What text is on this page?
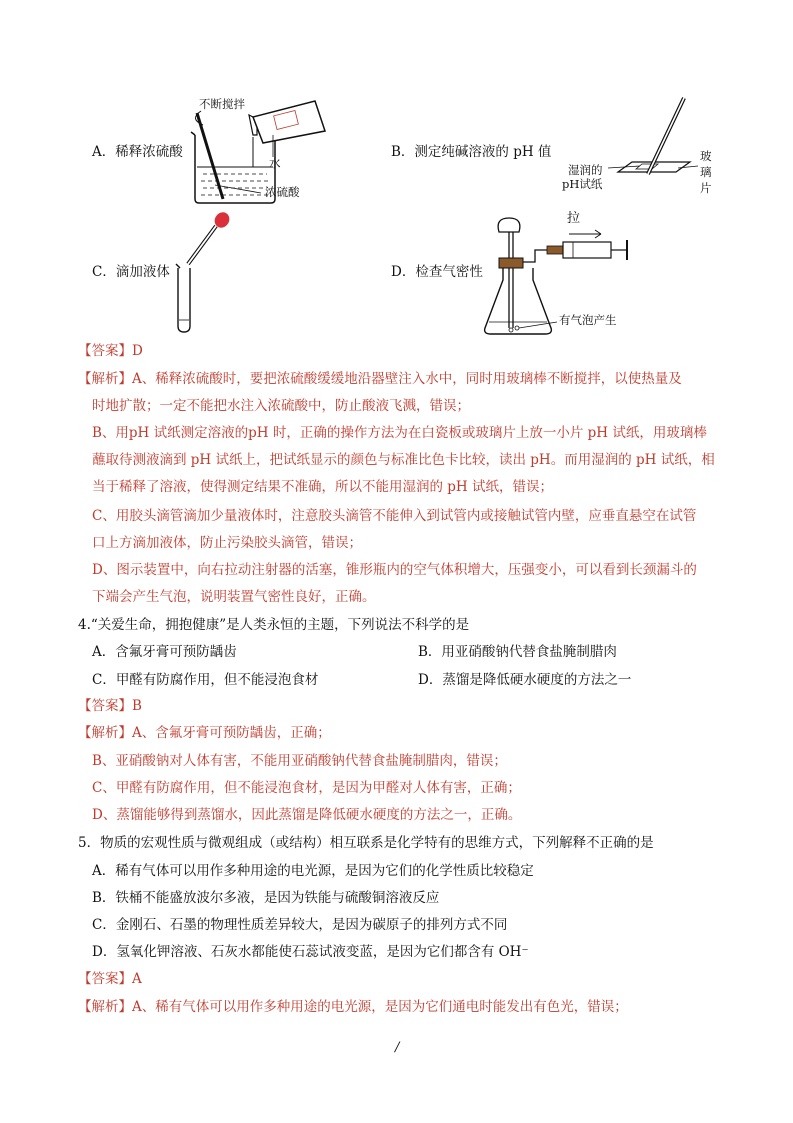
A．稀释浓硫酸
不断搅拌
水
浓硫酸
B．测定纯碱溶液的 pH 值
湿润的
pH试纸
玻
璃
片
C．滴加液体	D．检查气密性
拉
有气泡产生
【答案】D
【解析】A、稀释浓硫酸时，要把浓硫酸缓缓地沿器壁注入水中，同时用玻璃棒不断搅拌，以使热量及
时地扩散；一定不能把水注入浓硫酸中，防止酸液飞溅，错误；
B、用pH 试纸测定溶液的pH 时，正确的操作方法为在白瓷板或玻璃片上放一小片 pH 试纸，用玻璃棒
蘸取待测液滴到 pH 试纸上，把试纸显示的颜色与标准比色卡比较，读出 pH。而用湿润的 pH 试纸，相
当于稀释了溶液，使得测定结果不准确，所以不能用湿润的 pH 试纸，错误；
C、用胶头滴管滴加少量液体时，注意胶头滴管不能伸入到试管内或接触试管内壁，应垂直悬空在试管
口上方滴加液体，防止污染胶头滴管，错误；
D、图示装置中，向右拉动注射器的活塞，锥形瓶内的空气体积增大，压强变小，可以看到长颈漏斗的
下端会产生气泡，说明装置气密性良好，正确。
4.“关爱生命，拥抱健康”是人类永恒的主题，下列说法不科学的是
A．含氟牙膏可预防龋齿	B．用亚硝酸钠代替食盐腌制腊肉
C．甲醛有防腐作用，但不能浸泡食材	D．蒸馏是降低硬水硬度的方法之一
【答案】B
【解析】A、含氟牙膏可预防龋齿，正确；
B、亚硝酸钠对人体有害，不能用亚硝酸钠代替食盐腌制腊肉，错误；
C、甲醛有防腐作用，但不能浸泡食材，是因为甲醛对人体有害，正确；
D、蒸馏能够得到蒸馏水，因此蒸馏是降低硬水硬度的方法之一，正确。
5．物质的宏观性质与微观组成（或结构）相互联系是化学特有的思维方式，下列解释不正确的是
A．稀有气体可以用作多种用途的电光源，是因为它们的化学性质比较稳定
B．铁桶不能盛放波尔多液，是因为铁能与硫酸铜溶液反应
C．金刚石、石墨的物理性质差异较大，是因为碳原子的排列方式不同
D．氢氧化钾溶液、石灰水都能使石蕊试液变蓝，是因为它们都含有 OH⁻
【答案】A
【解析】A、稀有气体可以用作多种用途的电光源，是因为它们通电时能发出有色光，错误；
/
